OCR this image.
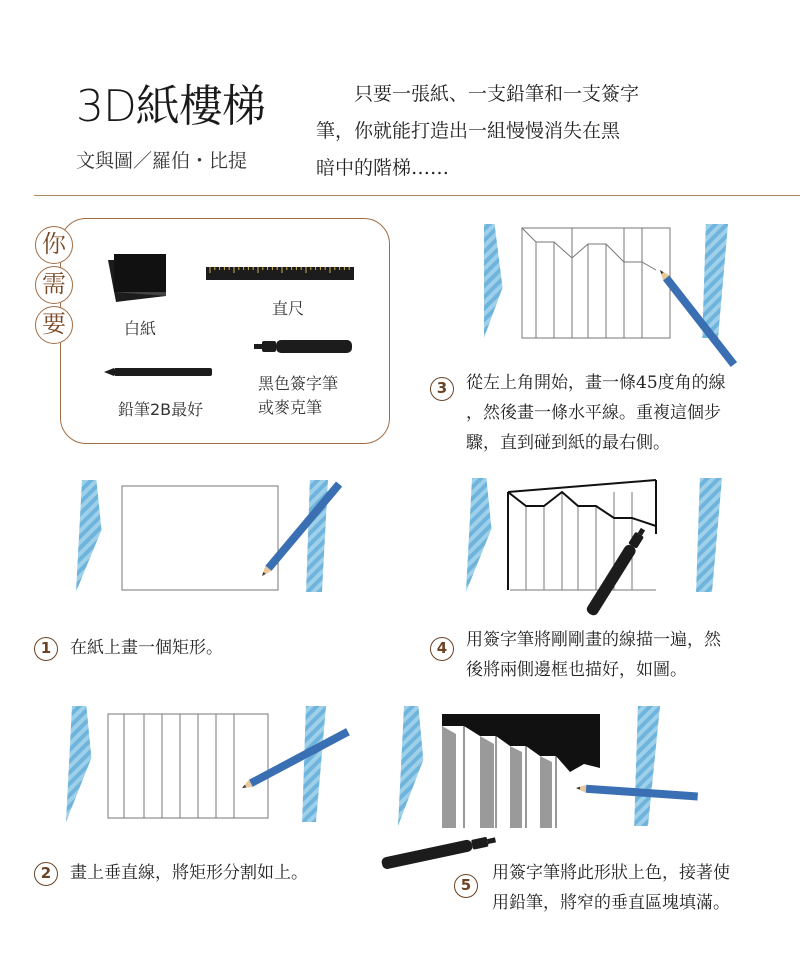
3D紙樓梯
文與圖／羅伯・比提
只要一張紙、一支鉛筆和一支簽字
筆，你就能打造出一組慢慢消失在黑
暗中的階梯……
你
需
要	白紙
直尺
鉛筆2B最好
黑色簽字筆
或麥克筆
3	從左上角開始，畫一條45度角的線
，然後畫一條水平線。重複這個步
驟，直到碰到紙的最右側。
1	在紙上畫一個矩形。	4	用簽字筆將剛剛畫的線描一遍，然
後將兩側邊框也描好，如圖。
2	畫上垂直線，將矩形分割如上。
5
用簽字筆將此形狀上色，接著使
用鉛筆，將窄的垂直區塊填滿。
